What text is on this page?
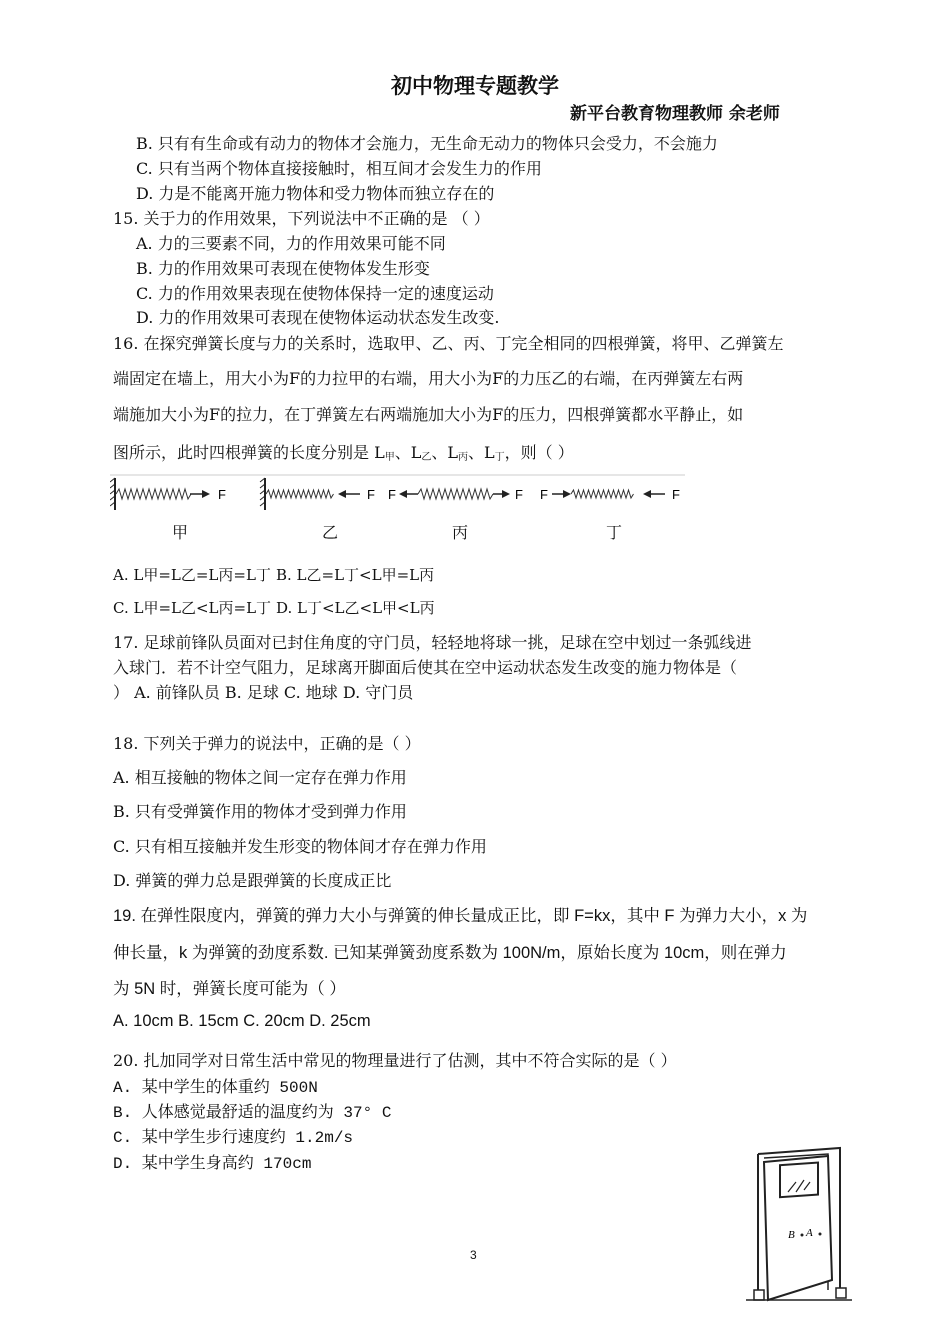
初中物理专题教学
新平台教育物理教师 余老师
B. 只有有生命或有动力的物体才会施力，无生命无动力的物体只会受力，不会施力
C. 只有当两个物体直接接触时，相互间才会发生力的作用
D. 力是不能离开施力物体和受力物体而独立存在的
15. 关于力的作用效果，下列说法中不正确的是 （ ）
A. 力的三要素不同，力的作用效果可能不同
B. 力的作用效果可表现在使物体发生形变
C. 力的作用效果表现在使物体保持一定的速度运动
D. 力的作用效果可表现在使物体运动状态发生改变.
16. 在探究弹簧长度与力的关系时，选取甲、乙、丙、丁完全相同的四根弹簧，将甲、乙弹簧左
端固定在墙上，用大小为F的力拉甲的右端，用大小为F的力压乙的右端，在丙弹簧左右两
端施加大小为F的拉力，在丁弹簧左右两端施加大小为F的压力，四根弹簧都水平静止，如
图所示，此时四根弹簧的长度分别是 $L_甲$、$L_乙$、$L_丙$、$L_丁$，则（ ）
F	F F	F F	F
甲	乙	丙	丁
A. L甲=L乙=L丙=L丁 B. L乙=L丁<L甲=L丙
C. L甲=L乙<L丙=L丁 D. L丁<L乙<L甲<L丙
17. 足球前锋队员面对已封住角度的守门员，轻轻地将球一挑，足球在空中划过一条弧线进
入球门．若不计空气阻力，足球离开脚面后使其在空中运动状态发生改变的施力物体是（
） A. 前锋队员 B. 足球 C. 地球 D. 守门员
18. 下列关于弹力的说法中，正确的是（ ）
A. 相互接触的物体之间一定存在弹力作用
B. 只有受弹簧作用的物体才受到弹力作用
C. 只有相互接触并发生形变的物体间才存在弹力作用
D. 弹簧的弹力总是跟弹簧的长度成正比
19. 在弹性限度内，弹簧的弹力大小与弹簧的伸长量成正比，即 F=kx，其中 F 为弹力大小，x 为
伸长量，k 为弹簧的劲度系数. 已知某弹簧劲度系数为 100N/m，原始长度为 10cm，则在弹力
为 5N 时，弹簧长度可能为（ ）
A. 10cm B. 15cm C. 20cm D. 25cm
20. 扎加同学对日常生活中常见的物理量进行了估测，其中不符合实际的是（ ）
A. 某中学生的体重约 500N
B. 人体感觉最舒适的温度约为 37° C
C. 某中学生步行速度约 1.2m/s
D. 某中学生身高约 170cm
B A
3
